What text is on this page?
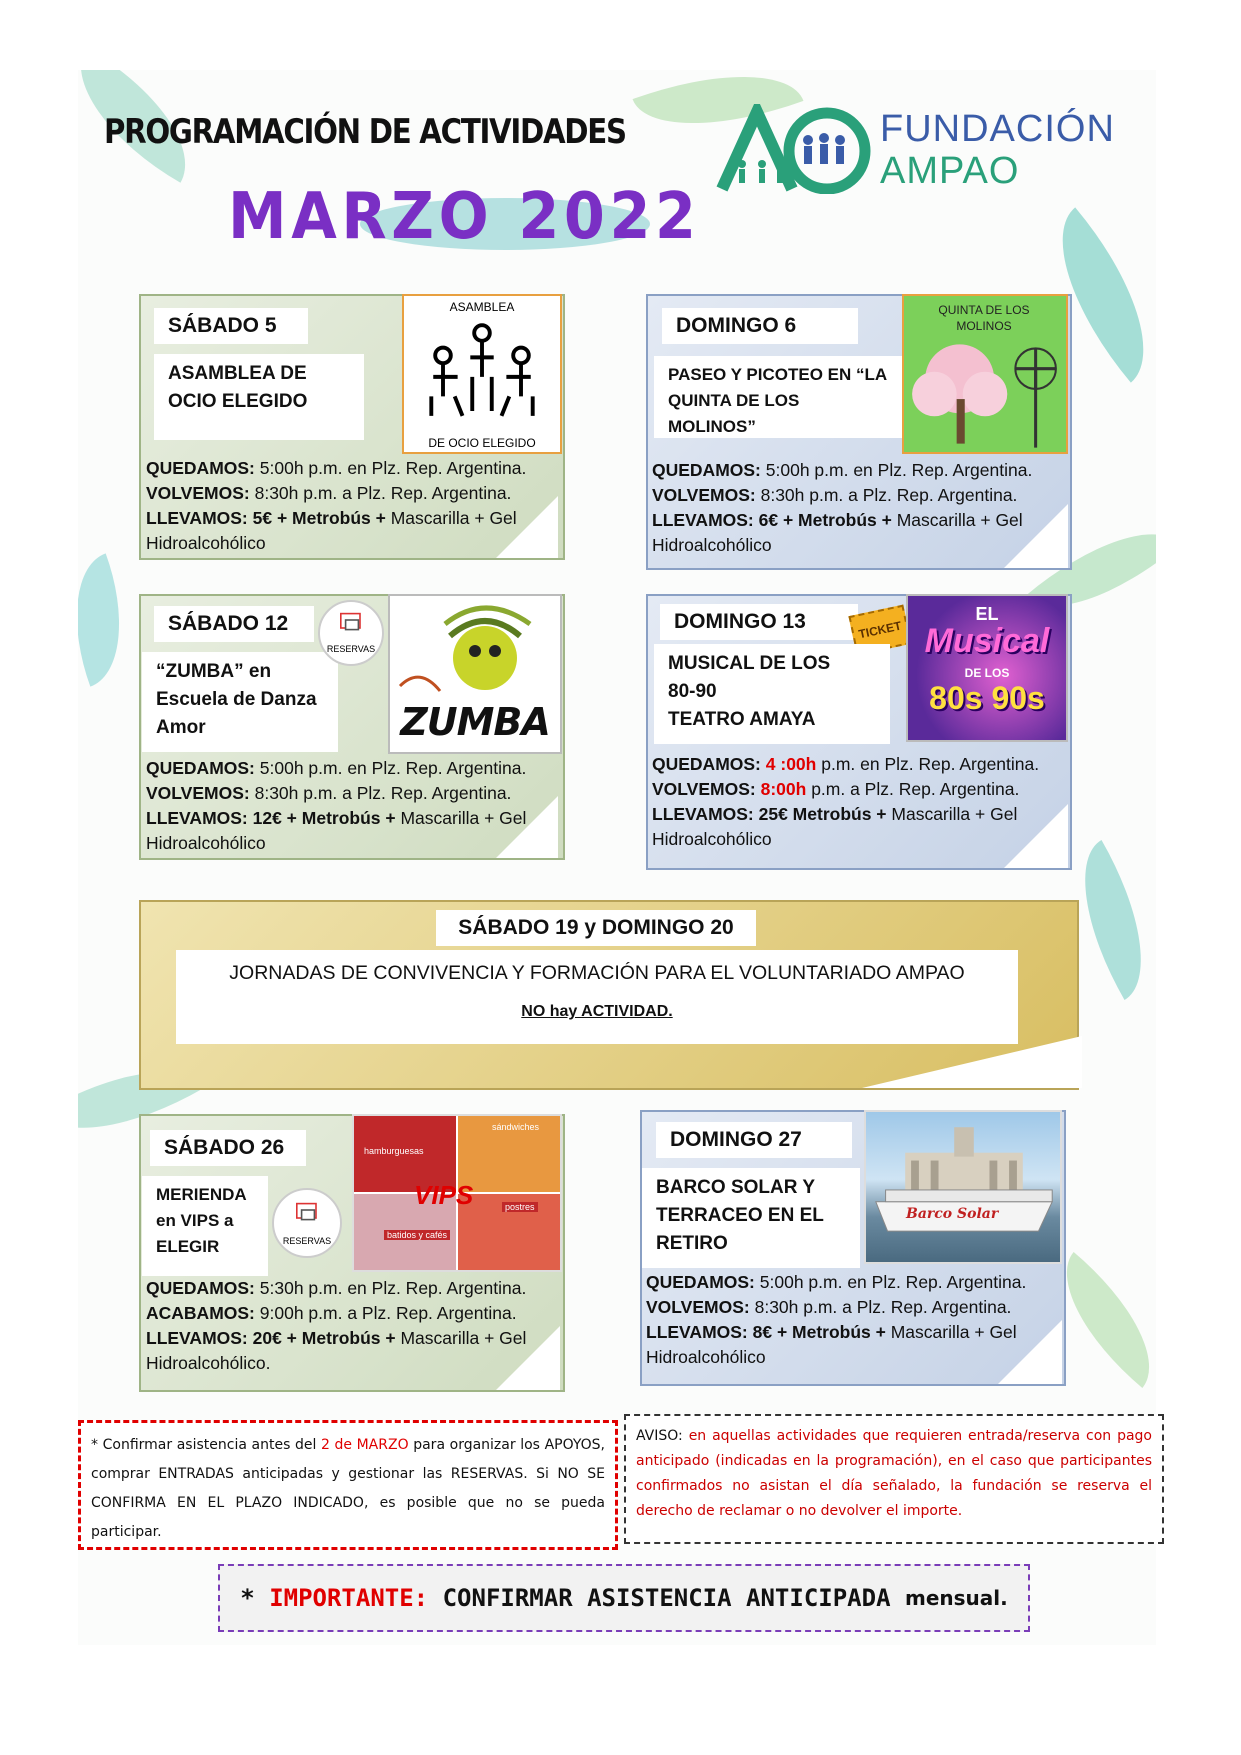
PROGRAMACIÓN DE ACTIVIDADES
MARZO 2022
FUNDACIÓN
AMPAO
SÁBADO 5
ASAMBLEA DE OCIO ELEGIDO
ASAMBLEA
DE OCIO ELEGIDO
QUEDAMOS: 5:00h p.m. en Plz. Rep. Argentina.
VOLVEMOS: 8:30h p.m. a Plz. Rep. Argentina.
LLEVAMOS: 5€ + Metrobús + Mascarilla + Gel Hidroalcohólico
DOMINGO 6
PASEO Y PICOTEO EN “LA QUINTA DE LOS MOLINOS”
QUINTA DE LOS MOLINOS
QUEDAMOS: 5:00h p.m. en Plz. Rep. Argentina.
VOLVEMOS: 8:30h p.m. a Plz. Rep. Argentina.
LLEVAMOS: 6€ + Metrobús + Mascarilla + Gel Hidroalcohólico
SÁBADO 12
“ZUMBA” en Escuela de Danza Amor
RESERVAS
ZUMBA
QUEDAMOS: 5:00h p.m. en Plz. Rep. Argentina.
VOLVEMOS: 8:30h p.m. a Plz. Rep. Argentina.
LLEVAMOS: 12€ + Metrobús + Mascarilla + Gel Hidroalcohólico
DOMINGO 13	TICKET
MUSICAL DE LOS
80-90
TEATRO AMAYA
EL
Musical
DE LOS
80s 90s
QUEDAMOS: 4 :00h p.m. en Plz. Rep. Argentina.
VOLVEMOS: 8:00h p.m. a Plz. Rep. Argentina.
LLEVAMOS: 25€ Metrobús + Mascarilla + Gel Hidroalcohólico
SÁBADO 19 y DOMINGO 20
JORNADAS DE CONVIVENCIA Y FORMACIÓN PARA EL VOLUNTARIADO AMPAO
NO hay ACTIVIDAD.
SÁBADO 26
MERIENDA
en VIPS a
ELEGIR	RESERVAS
hamburguesas
sándwiches
VIPS
batidos y cafés
postres
QUEDAMOS: 5:30h p.m. en Plz. Rep. Argentina.
ACABAMOS: 9:00h p.m. a Plz. Rep. Argentina.
LLEVAMOS: 20€ + Metrobús + Mascarilla + Gel Hidroalcohólico.
DOMINGO 27
BARCO SOLAR Y
TERRACEO EN EL
RETIRO
Barco Solar
QUEDAMOS: 5:00h p.m. en Plz. Rep. Argentina.
VOLVEMOS: 8:30h p.m. a Plz. Rep. Argentina.
LLEVAMOS: 8€ + Metrobús + Mascarilla + Gel Hidroalcohólico
* Confirmar asistencia antes del 2 de MARZO para organizar los APOYOS, comprar ENTRADAS anticipadas y gestionar las RESERVAS. Si NO SE CONFIRMA EN EL PLAZO INDICADO, es posible que no se pueda participar.
AVISO: en aquellas actividades que requieren entrada/reserva con pago anticipado (indicadas en la programación), en el caso que participantes confirmados no asistan el día señalado, la fundación se reserva el derecho de reclamar o no devolver el importe.
*
IMPORTANTE:
CONFIRMAR ASISTENCIA ANTICIPADA
mensual.
